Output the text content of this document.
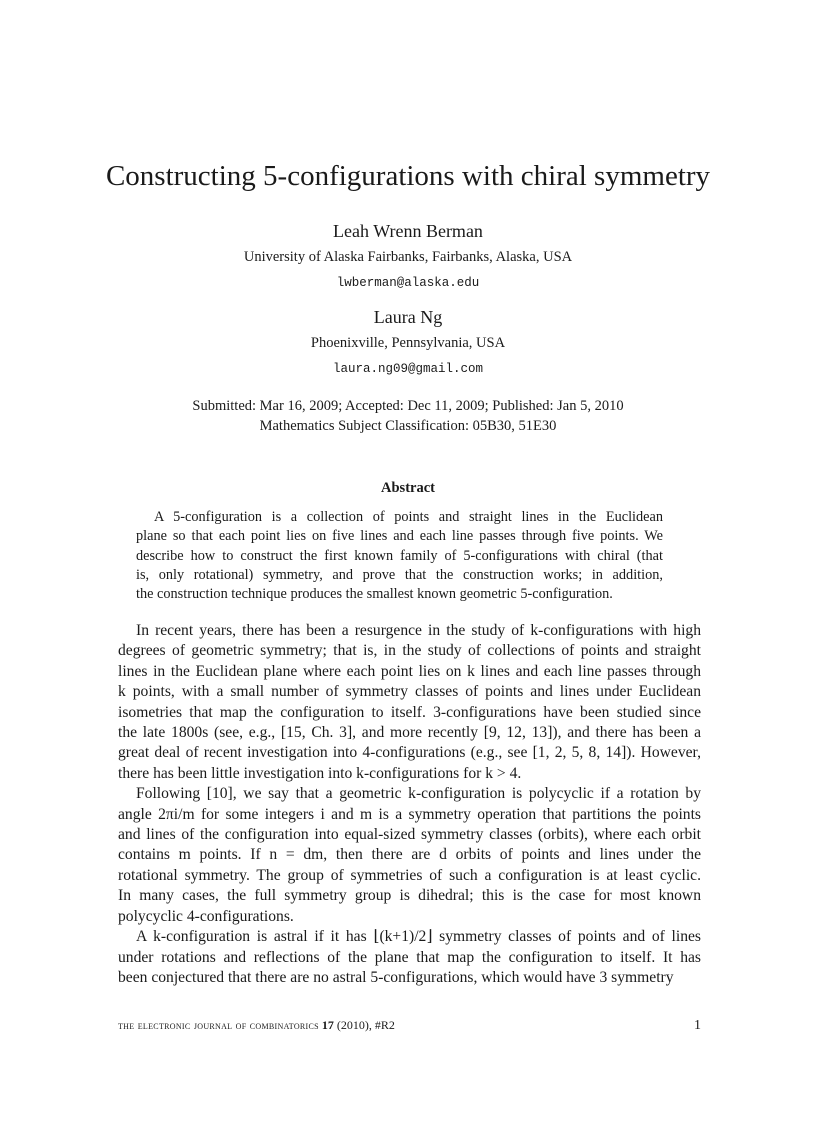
Constructing 5-configurations with chiral symmetry
Leah Wrenn Berman
University of Alaska Fairbanks, Fairbanks, Alaska, USA
lwberman@alaska.edu
Laura Ng
Phoenixville, Pennsylvania, USA
laura.ng09@gmail.com
Submitted: Mar 16, 2009; Accepted: Dec 11, 2009; Published: Jan 5, 2010
Mathematics Subject Classification: 05B30, 51E30
Abstract
A 5-configuration is a collection of points and straight lines in the Euclidean
plane so that each point lies on five lines and each line passes through five points. We
describe how to construct the first known family of 5-configurations with chiral (that
is, only rotational) symmetry, and prove that the construction works; in addition,
the construction technique produces the smallest known geometric 5-configuration.
In recent years, there has been a resurgence in the study of k-configurations with high
degrees of geometric symmetry; that is, in the study of collections of points and straight
lines in the Euclidean plane where each point lies on k lines and each line passes through
k points, with a small number of symmetry classes of points and lines under Euclidean
isometries that map the configuration to itself. 3-configurations have been studied since
the late 1800s (see, e.g., [15, Ch. 3], and more recently [9, 12, 13]), and there has been a
great deal of recent investigation into 4-configurations (e.g., see [1, 2, 5, 8, 14]). However,
there has been little investigation into k-configurations for k > 4.
Following [10], we say that a geometric k-configuration is polycyclic if a rotation by
angle 2πi/m for some integers i and m is a symmetry operation that partitions the points
and lines of the configuration into equal-sized symmetry classes (orbits), where each orbit
contains m points. If n = dm, then there are d orbits of points and lines under the
rotational symmetry. The group of symmetries of such a configuration is at least cyclic.
In many cases, the full symmetry group is dihedral; this is the case for most known
polycyclic 4-configurations.
A k-configuration is astral if it has ⌊(k+1)/2⌋ symmetry classes of points and of lines
under rotations and reflections of the plane that map the configuration to itself. It has
been conjectured that there are no astral 5-configurations, which would have 3 symmetry
the electronic journal of combinatorics 17 (2010), #R2	1
